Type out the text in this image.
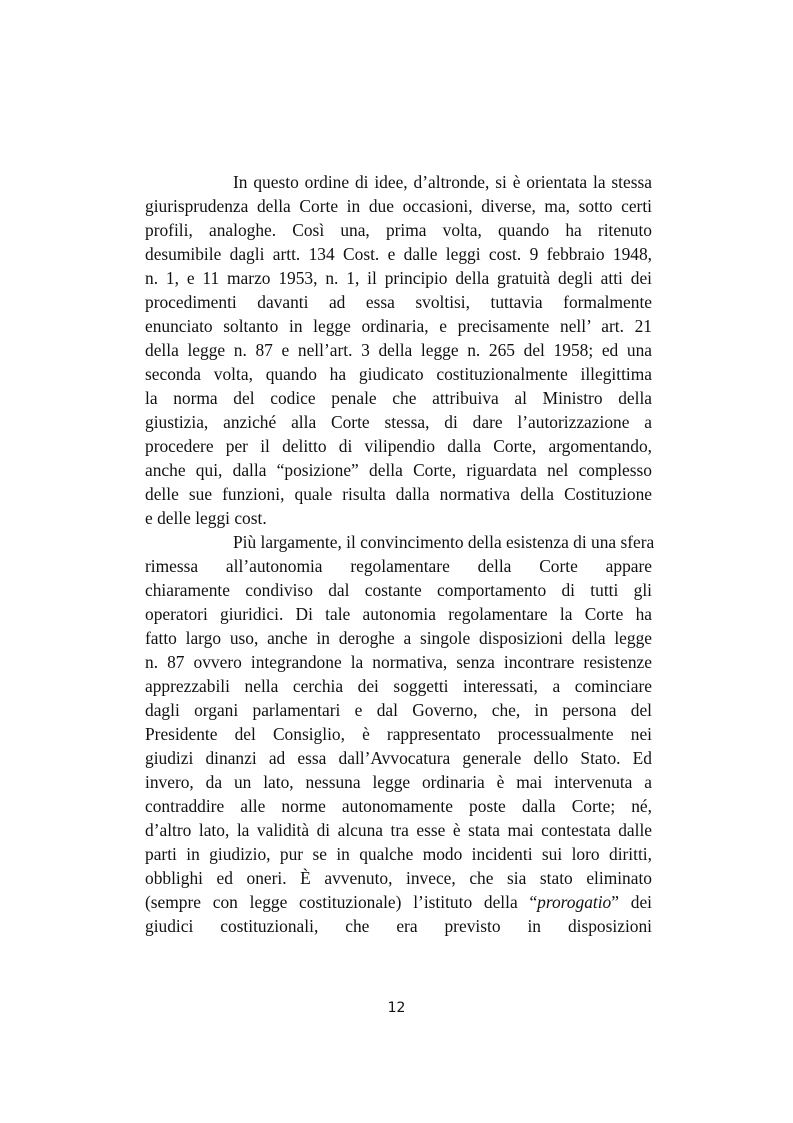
In questo ordine di idee, d’altronde, si è orientata la stessa
giurisprudenza della Corte in due occasioni, diverse, ma, sotto certi
profili, analoghe. Così una, prima volta, quando ha ritenuto
desumibile dagli artt. 134 Cost. e dalle leggi cost. 9 febbraio 1948,
n. 1, e 11 marzo 1953, n. 1, il principio della gratuità degli atti dei
procedimenti davanti ad essa svoltisi, tuttavia formalmente
enunciato soltanto in legge ordinaria, e precisamente nell’ art. 21
della legge n. 87 e nell’art. 3 della legge n. 265 del 1958; ed una
seconda volta, quando ha giudicato costituzionalmente illegittima
la norma del codice penale che attribuiva al Ministro della
giustizia, anziché alla Corte stessa, di dare l’autorizzazione a
procedere per il delitto di vilipendio dalla Corte, argomentando,
anche qui, dalla “posizione” della Corte, riguardata nel complesso
delle sue funzioni, quale risulta dalla normativa della Costituzione
e delle leggi cost.
Più largamente, il convincimento della esistenza di una sfera
rimessa all’autonomia regolamentare della Corte appare
chiaramente condiviso dal costante comportamento di tutti gli
operatori giuridici. Di tale autonomia regolamentare la Corte ha
fatto largo uso, anche in deroghe a singole disposizioni della legge
n. 87 ovvero integrandone la normativa, senza incontrare resistenze
apprezzabili nella cerchia dei soggetti interessati, a cominciare
dagli organi parlamentari e dal Governo, che, in persona del
Presidente del Consiglio, è rappresentato processualmente nei
giudizi dinanzi ad essa dall’Avvocatura generale dello Stato. Ed
invero, da un lato, nessuna legge ordinaria è mai intervenuta a
contraddire alle norme autonomamente poste dalla Corte; né,
d’altro lato, la validità di alcuna tra esse è stata mai contestata dalle
parti in giudizio, pur se in qualche modo incidenti sui loro diritti,
obblighi ed oneri. È avvenuto, invece, che sia stato eliminato
(sempre con legge costituzionale) l’istituto della “prorogatio” dei
giudici costituzionali, che era previsto in disposizioni
12
